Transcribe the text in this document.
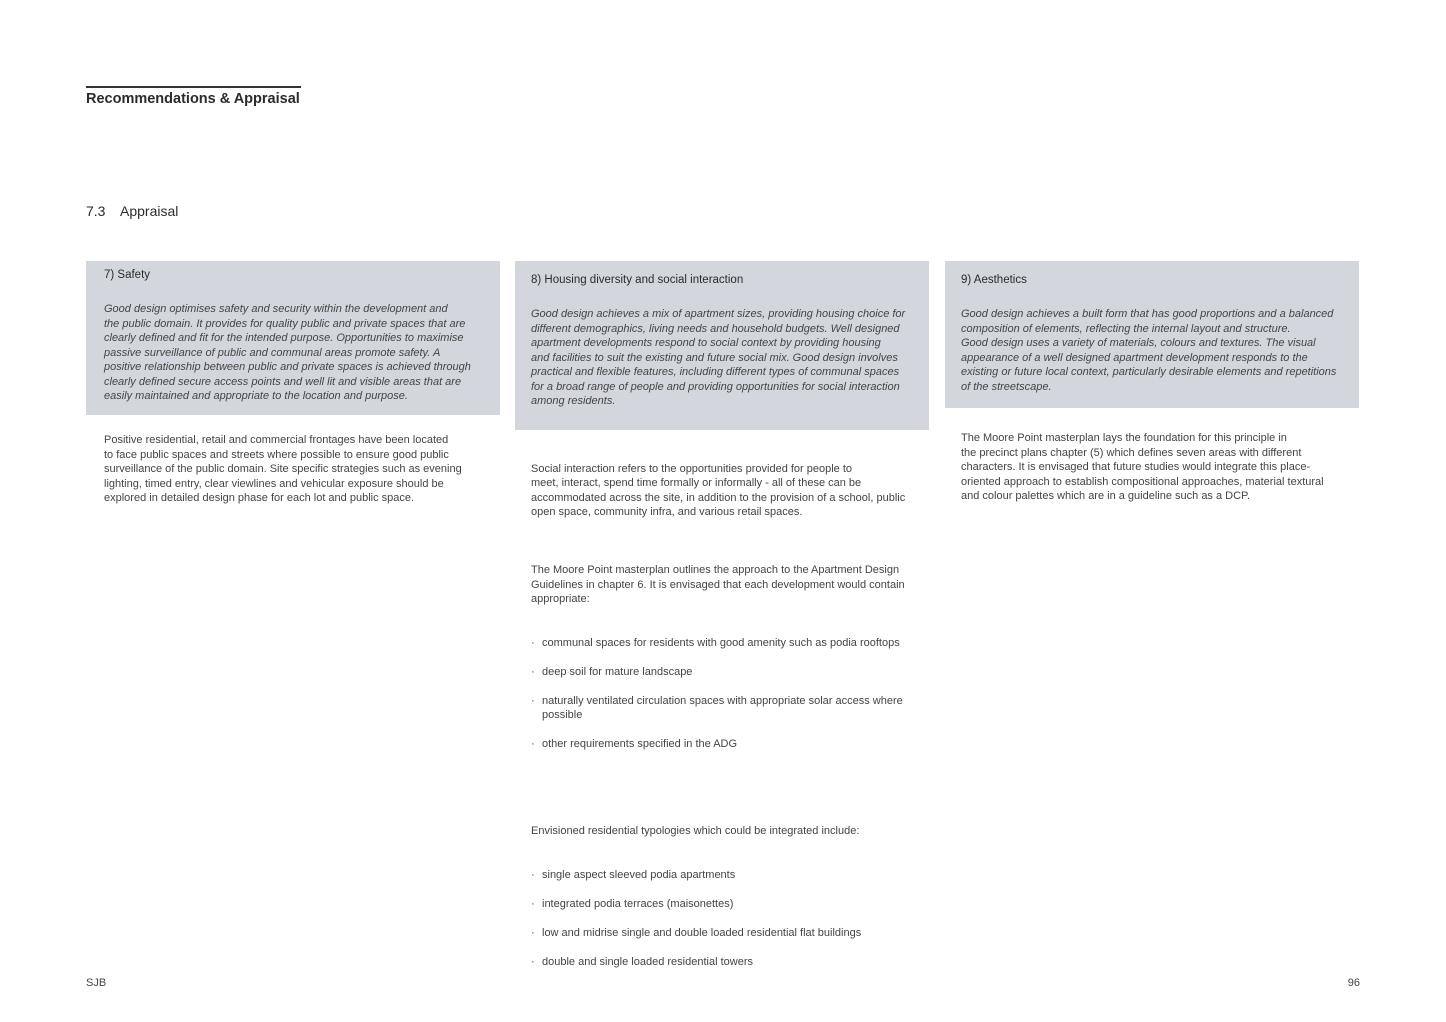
Recommendations & Appraisal
7.3 Appraisal
7) Safety

Good design optimises safety and security within the development and
the public domain. It provides for quality public and private spaces that are
clearly defined and fit for the intended purpose. Opportunities to maximise
passive surveillance of public and communal areas promote safety. A
positive relationship between public and private spaces is achieved through
clearly defined secure access points and well lit and visible areas that are
easily maintained and appropriate to the location and purpose.

Positive residential, retail and commercial frontages have been located
to face public spaces and streets where possible to ensure good public
surveillance of the public domain. Site specific strategies such as evening
lighting, timed entry, clear viewlines and vehicular exposure should be
explored in detailed design phase for each lot and public space.

8) Housing diversity and social interaction

Good design achieves a mix of apartment sizes, providing housing choice for
different demographics, living needs and household budgets. Well designed
apartment developments respond to social context by providing housing
and facilities to suit the existing and future social mix. Good design involves
practical and flexible features, including different types of communal spaces
for a broad range of people and providing opportunities for social interaction
among residents.

Social interaction refers to the opportunities provided for people to
meet, interact, spend time formally or informally - all of these can be
accommodated across the site, in addition to the provision of a school, public
open space, community infra, and various retail spaces.

The Moore Point masterplan outlines the approach to the Apartment Design
Guidelines in chapter 6. It is envisaged that each development would contain
appropriate:

· communal spaces for residents with good amenity such as podia rooftops

· deep soil for mature landscape

· naturally ventilated circulation spaces with appropriate solar access where possible

· other requirements specified in the ADG

Envisioned residential typologies which could be integrated include:

· single aspect sleeved podia apartments

· integrated podia terraces (maisonettes)

· low and midrise single and double loaded residential flat buildings

· double and single loaded residential towers

9) Aesthetics

Good design achieves a built form that has good proportions and a balanced
composition of elements, reflecting the internal layout and structure.
Good design uses a variety of materials, colours and textures. The visual
appearance of a well designed apartment development responds to the
existing or future local context, particularly desirable elements and repetitions
of the streetscape.

The Moore Point masterplan lays the foundation for this principle in
the precinct plans chapter (5) which defines seven areas with different
characters. It is envisaged that future studies would integrate this place-
oriented approach to establish compositional approaches, material textural
and colour palettes which are in a guideline such as a DCP.

SJB	96
